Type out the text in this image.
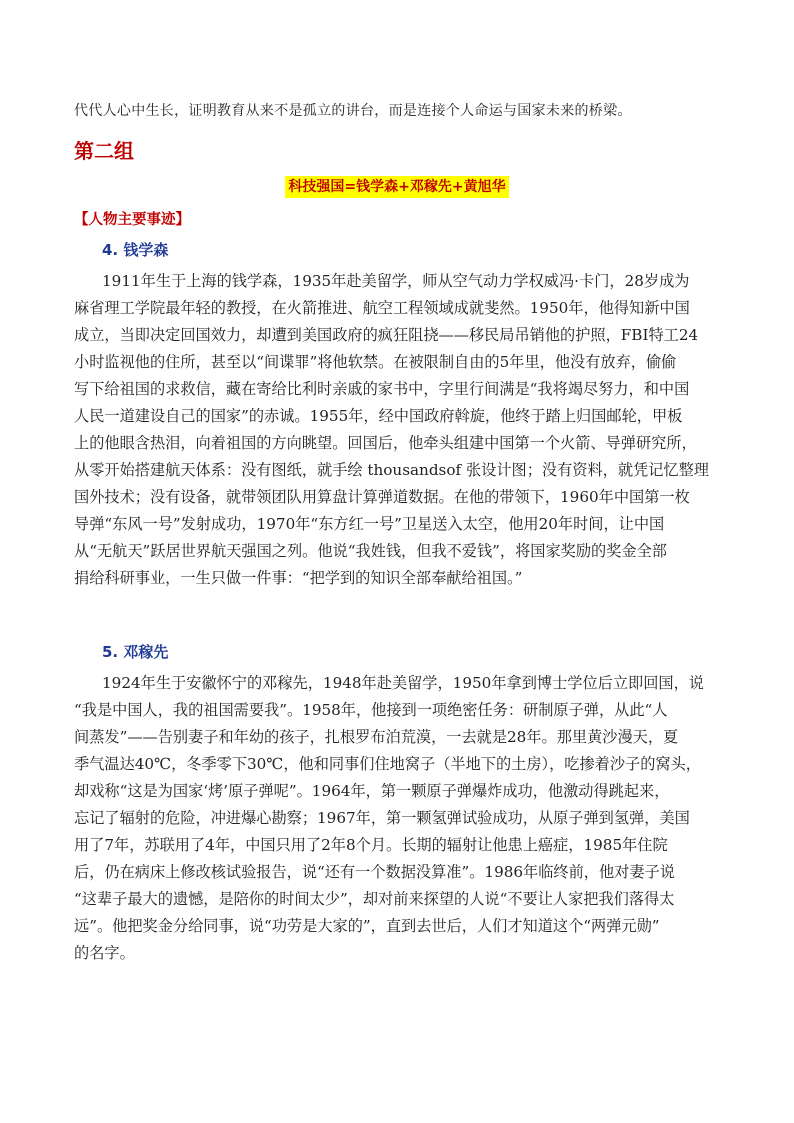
代代人心中生长，证明教育从来不是孤立的讲台，而是连接个人命运与国家未来的桥梁。
第二组
科技强国=钱学森+邓稼先+黄旭华
【人物主要事迹】
4. 钱学森
1911年生于上海的钱学森，1935年赴美留学，师从空气动力学权威冯·卡门，28岁成为
麻省理工学院最年轻的教授，在火箭推进、航空工程领域成就斐然。1950年，他得知新中国
成立，当即决定回国效力，却遭到美国政府的疯狂阻挠——移民局吊销他的护照，FBI特工24
小时监视他的住所，甚至以“间谍罪”将他软禁。在被限制自由的5年里，他没有放弃，偷偷
写下给祖国的求救信，藏在寄给比利时亲戚的家书中，字里行间满是“我将竭尽努力，和中国
人民一道建设自己的国家”的赤诚。1955年，经中国政府斡旋，他终于踏上归国邮轮，甲板
上的他眼含热泪，向着祖国的方向眺望。回国后，他牵头组建中国第一个火箭、导弹研究所，
从零开始搭建航天体系：没有图纸，就手绘 thousandsof 张设计图；没有资料，就凭记忆整理
国外技术；没有设备，就带领团队用算盘计算弹道数据。在他的带领下，1960年中国第一枚
导弹“东风一号”发射成功，1970年“东方红一号”卫星送入太空，他用20年时间，让中国
从“无航天”跃居世界航天强国之列。他说“我姓钱，但我不爱钱”，将国家奖励的奖金全部
捐给科研事业，一生只做一件事：“把学到的知识全部奉献给祖国。”
5. 邓稼先
1924年生于安徽怀宁的邓稼先，1948年赴美留学，1950年拿到博士学位后立即回国，说
“我是中国人，我的祖国需要我”。1958年，他接到一项绝密任务：研制原子弹，从此“人
间蒸发”——告别妻子和年幼的孩子，扎根罗布泊荒漠，一去就是28年。那里黄沙漫天，夏
季气温达40℃，冬季零下30℃，他和同事们住地窝子（半地下的土房），吃掺着沙子的窝头，
却戏称“这是为国家‘烤’原子弹呢”。1964年，第一颗原子弹爆炸成功，他激动得跳起来，
忘记了辐射的危险，冲进爆心勘察；1967年，第一颗氢弹试验成功，从原子弹到氢弹，美国
用了7年，苏联用了4年，中国只用了2年8个月。长期的辐射让他患上癌症，1985年住院
后，仍在病床上修改核试验报告，说“还有一个数据没算准”。1986年临终前，他对妻子说
“这辈子最大的遗憾，是陪你的时间太少”，却对前来探望的人说“不要让人家把我们落得太
远”。他把奖金分给同事，说“功劳是大家的”，直到去世后，人们才知道这个“两弹元勋”
的名字。
